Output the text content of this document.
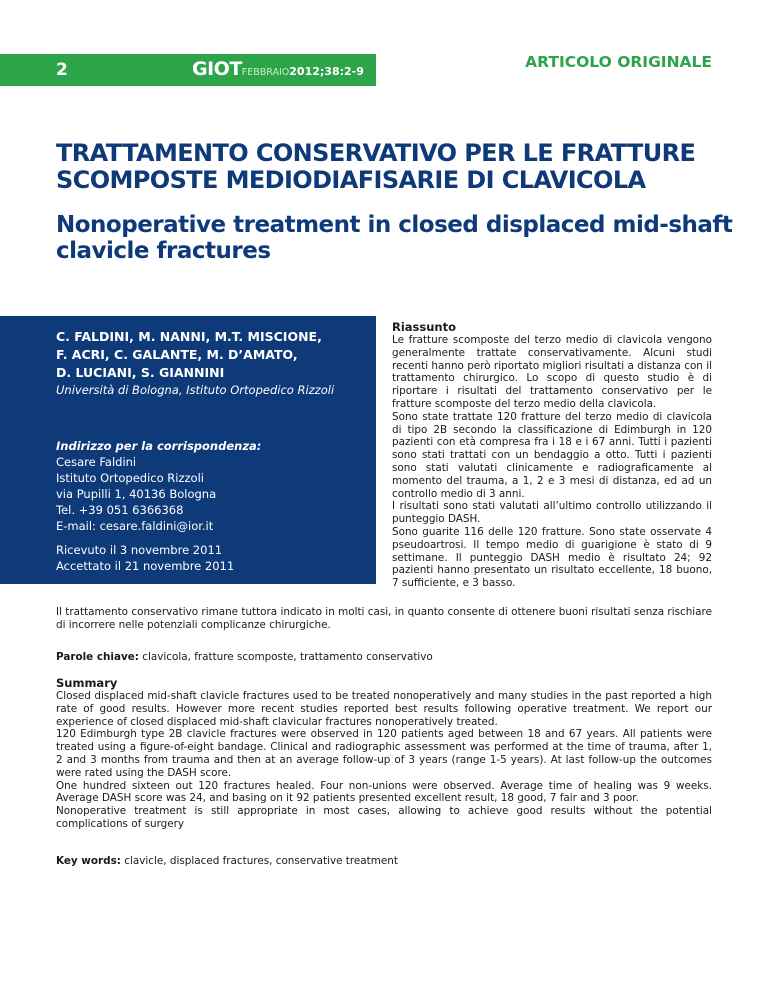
2	GIOTFEBBRAIO2012;38:2-9
ARTICOLO ORIGINALE
TRATTAMENTO CONSERVATIVO PER LE FRATTURE SCOMPOSTE MEDIODIAFISARIE DI CLAVICOLA
Nonoperative treatment in closed displaced mid-shaft clavicle fractures

C. FALDINI, M. NANNI, M.T. MISCIONE,
F. ACRI, C. GALANTE, M. D’AMATO,
D. LUCIANI, S. GIANNINI

Università di Bologna, Istituto Ortopedico Rizzoli

Indirizzo per la corrispondenza:
Cesare Faldini
Istituto Ortopedico Rizzoli
via Pupilli 1, 40136 Bologna
Tel. +39 051 6366368
E-mail: cesare.faldini@ior.it
Ricevuto il 3 novembre 2011
Accettato il 21 novembre 2011
Riassunto

Le fratture scomposte del terzo medio di clavicola vengono generalmente trattate conservativamente. Alcuni studi recenti hanno però riportato migliori risultati a distanza con il trattamento chirurgico. Lo scopo di questo studio è di riportare i risultati del trattamento conservativo per le fratture scomposte del terzo medio della clavicola.

Sono state trattate 120 fratture del terzo medio di clavicola di tipo 2B secondo la classificazione di Edimburgh in 120 pazienti con età compresa fra i 18 e i 67 anni. Tutti i pazienti sono stati trattati con un bendaggio a otto. Tutti i pazienti sono stati valutati clinicamente e radiograficamente al momento del trauma, a 1, 2 e 3 mesi di distanza, ed ad un controllo medio di 3 anni.

I risultati sono stati valutati all’ultimo controllo utilizzando il punteggio DASH.

Sono guarite 116 delle 120 fratture. Sono state osservate 4 pseudoartrosi. Il tempo medio di guarigione è stato di 9 settimane. Il punteggio DASH medio è risultato 24; 92 pazienti hanno presentato un risultato eccellente, 18 buono, 7 sufficiente, e 3 basso.

Il trattamento conservativo rimane tuttora indicato in molti casi, in quanto consente di ottenere buoni risultati senza rischiare di incorrere nelle potenziali complicanze chirurgiche.

Parole chiave: clavicola, fratture scomposte, trattamento conservativo

Summary

Closed displaced mid-shaft clavicle fractures used to be treated nonoperatively and many studies in the past reported a high rate of good results. However more recent studies reported best results following operative treatment. We report our experience of closed displaced mid-shaft clavicular fractures nonoperatively treated.

120 Edimburgh type 2B clavicle fractures were observed in 120 patients aged between 18 and 67 years. All patients were treated using a figure-of-eight bandage. Clinical and radiographic assessment was performed at the time of trauma, after 1, 2 and 3 months from trauma and then at an average follow-up of 3 years (range 1-5 years). At last follow-up the outcomes were rated using the DASH score.

One hundred sixteen out 120 fractures healed. Four non-unions were observed. Average time of healing was 9 weeks. Average DASH score was 24, and basing on it 92 patients presented excellent result, 18 good, 7 fair and 3 poor.

Nonoperative treatment is still appropriate in most cases, allowing to achieve good results without the potential complications of surgery

Key words: clavicle, displaced fractures, conservative treatment
